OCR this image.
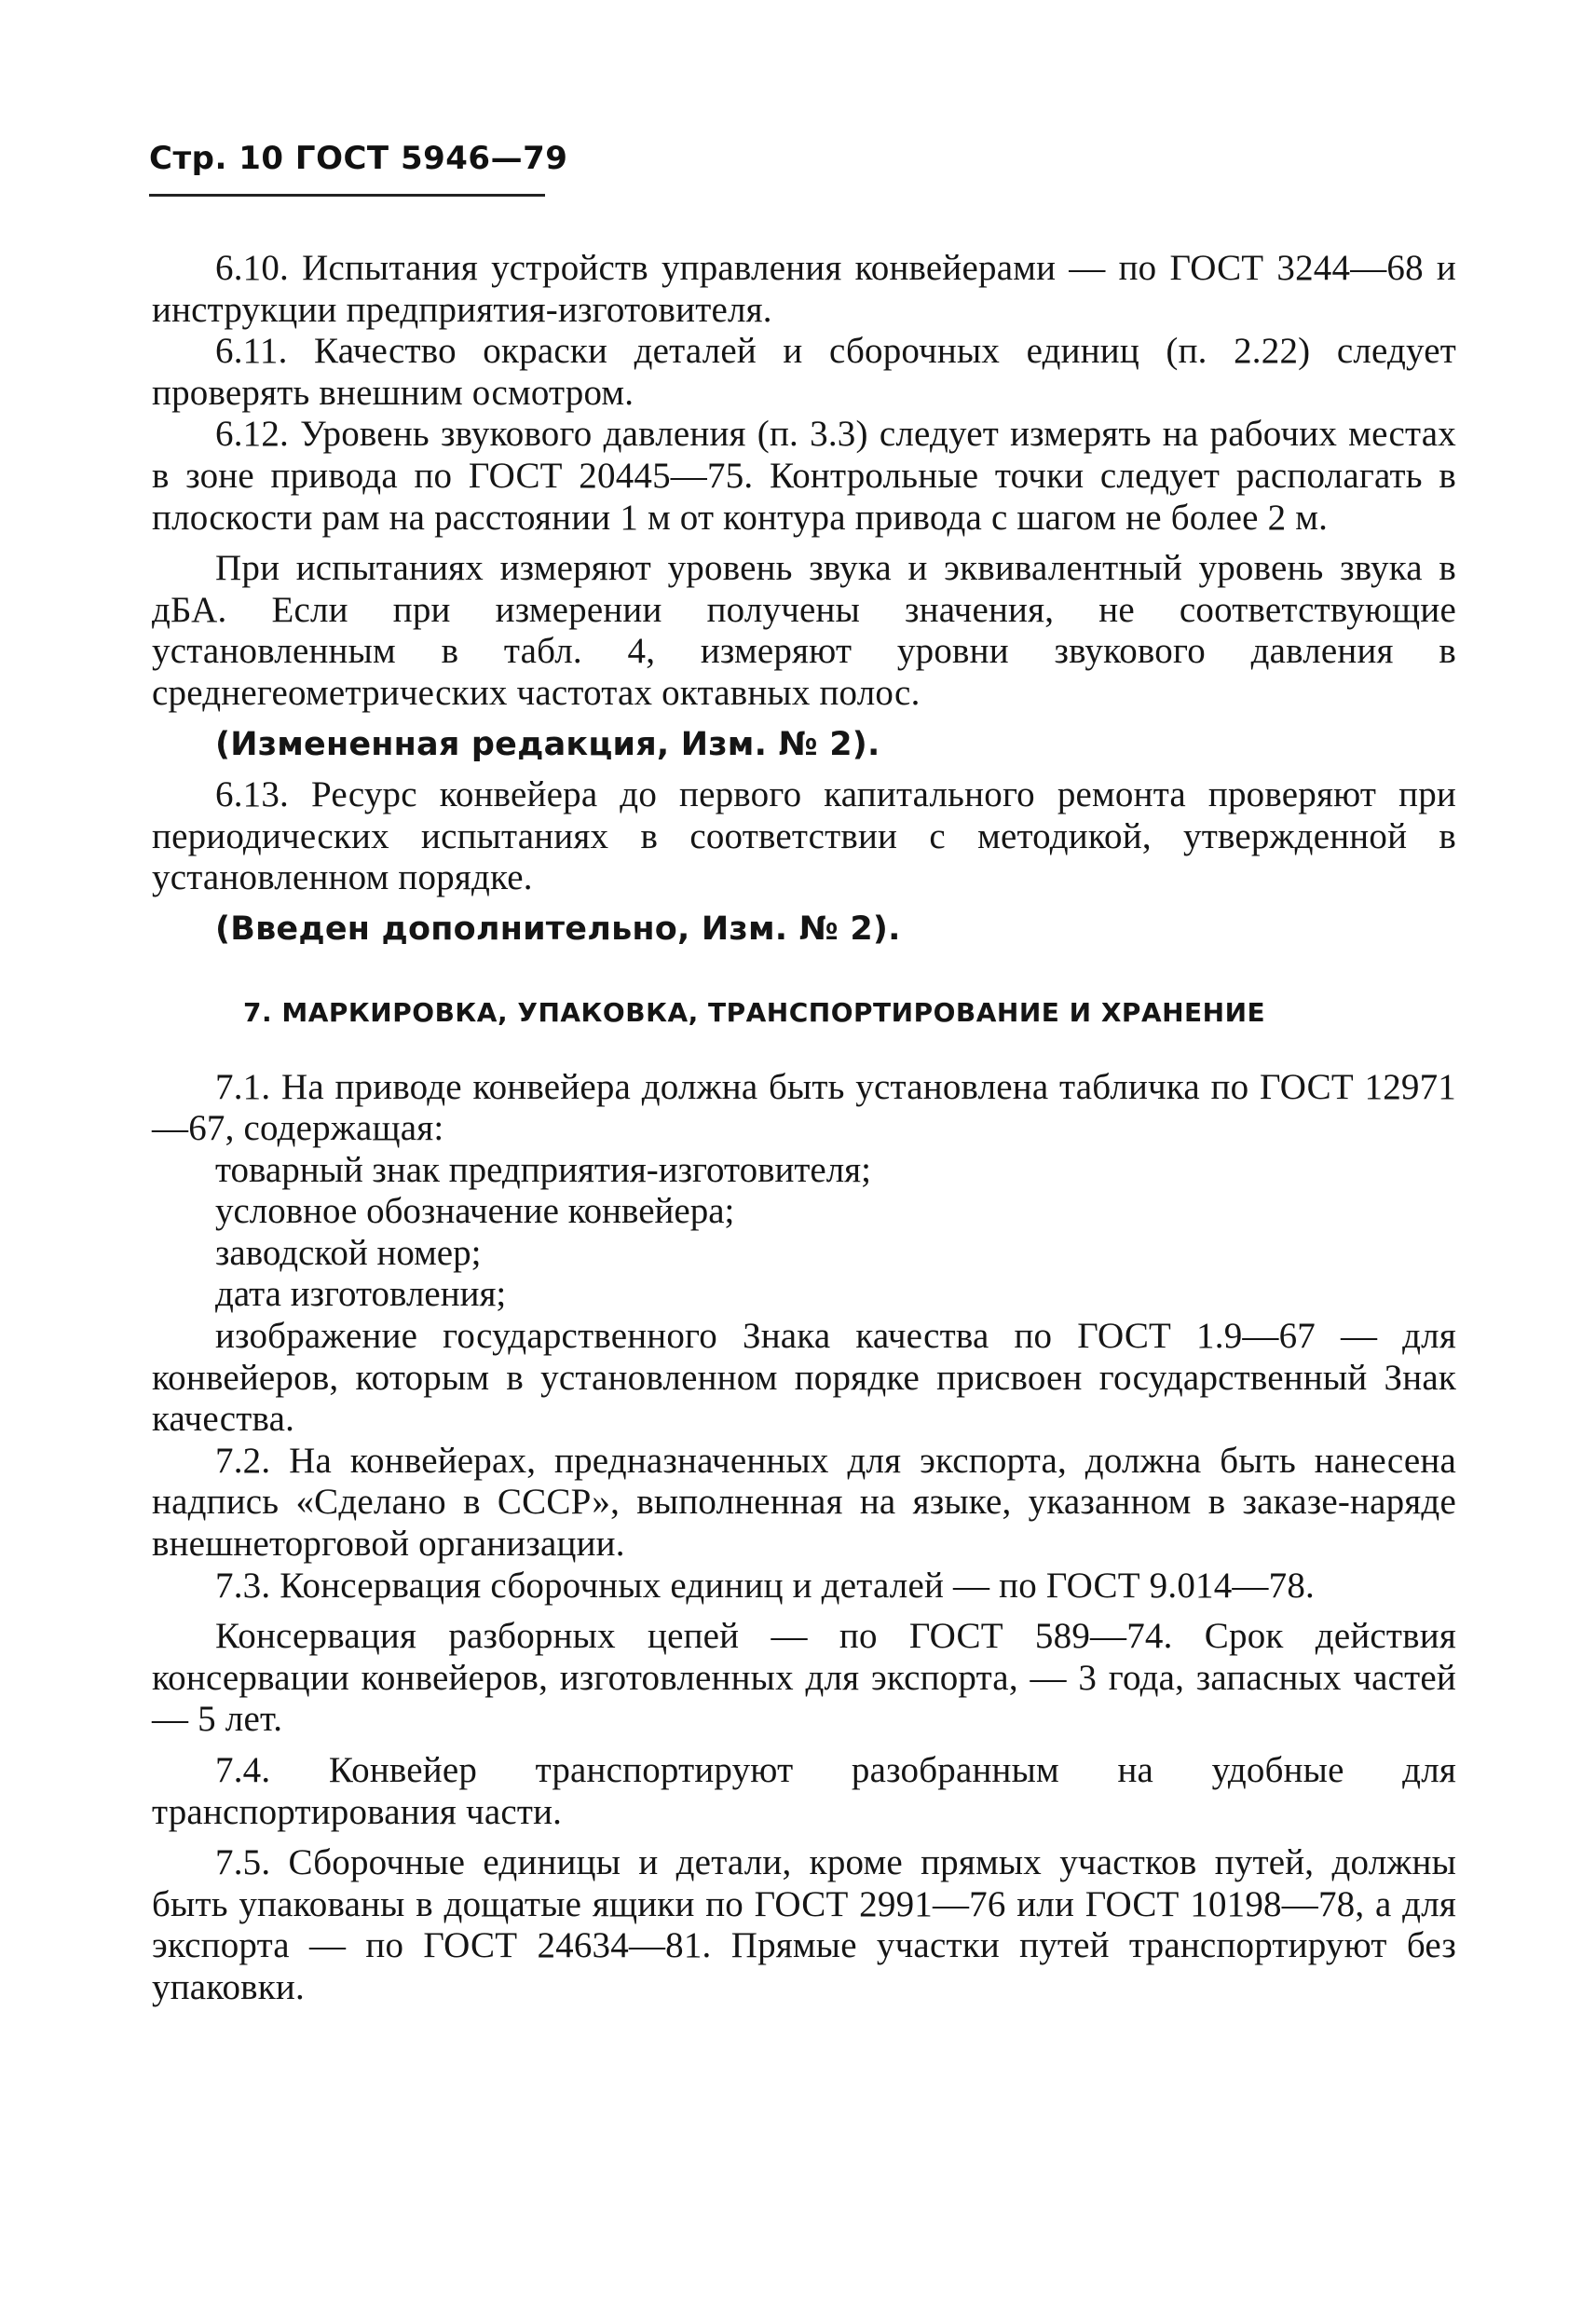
Стр. 10 ГОСТ 5946—79

6.10. Испытания устройств управления конвейерами — по ГОСТ 3244—68 и инструкции предприятия-изготовителя.

6.11. Качество окраски деталей и сборочных единиц (п. 2.22) следует проверять внешним осмотром.

6.12. Уровень звукового давления (п. 3.3) следует измерять на рабочих местах в зоне привода по ГОСТ 20445—75. Контрольные точки следует располагать в плоскости рам на расстоянии 1 м от контура привода с шагом не более 2 м.

При испытаниях измеряют уровень звука и эквивалентный уровень звука в дБА. Если при измерении получены значения, не соответствующие установленным в табл. 4, измеряют уровни звукового давления в среднегеометрических частотах октавных полос.

(Измененная редакция, Изм. № 2).

6.13. Ресурс конвейера до первого капитального ремонта проверяют при периодических испытаниях в соответствии с методикой, утвержденной в установленном порядке.

(Введен дополнительно, Изм. № 2).

7. МАРКИРОВКА, УПАКОВКА, ТРАНСПОРТИРОВАНИЕ И ХРАНЕНИЕ

7.1. На приводе конвейера должна быть установлена табличка по ГОСТ 12971—67, содержащая:

товарный знак предприятия-изготовителя;
условное обозначение конвейера;
заводской номер;
дата изготовления;

изображение государственного Знака качества по ГОСТ 1.9—67 — для конвейеров, которым в установленном порядке присвоен государственный Знак качества.

7.2. На конвейерах, предназначенных для экспорта, должна быть нанесена надпись «Сделано в СССР», выполненная на языке, указанном в заказе-наряде внешнеторговой организации.

7.3. Консервация сборочных единиц и деталей — по ГОСТ 9.014—78.

Консервация разборных цепей — по ГОСТ 589—74. Срок действия консервации конвейеров, изготовленных для экспорта, — 3 года, запасных частей — 5 лет.

7.4. Конвейер транспортируют разобранным на удобные для транспортирования части.

7.5. Сборочные единицы и детали, кроме прямых участков путей, должны быть упакованы в дощатые ящики по ГОСТ 2991—76 или ГОСТ 10198—78, а для экспорта — по ГОСТ 24634—81. Прямые участки путей транспортируют без упаковки.
